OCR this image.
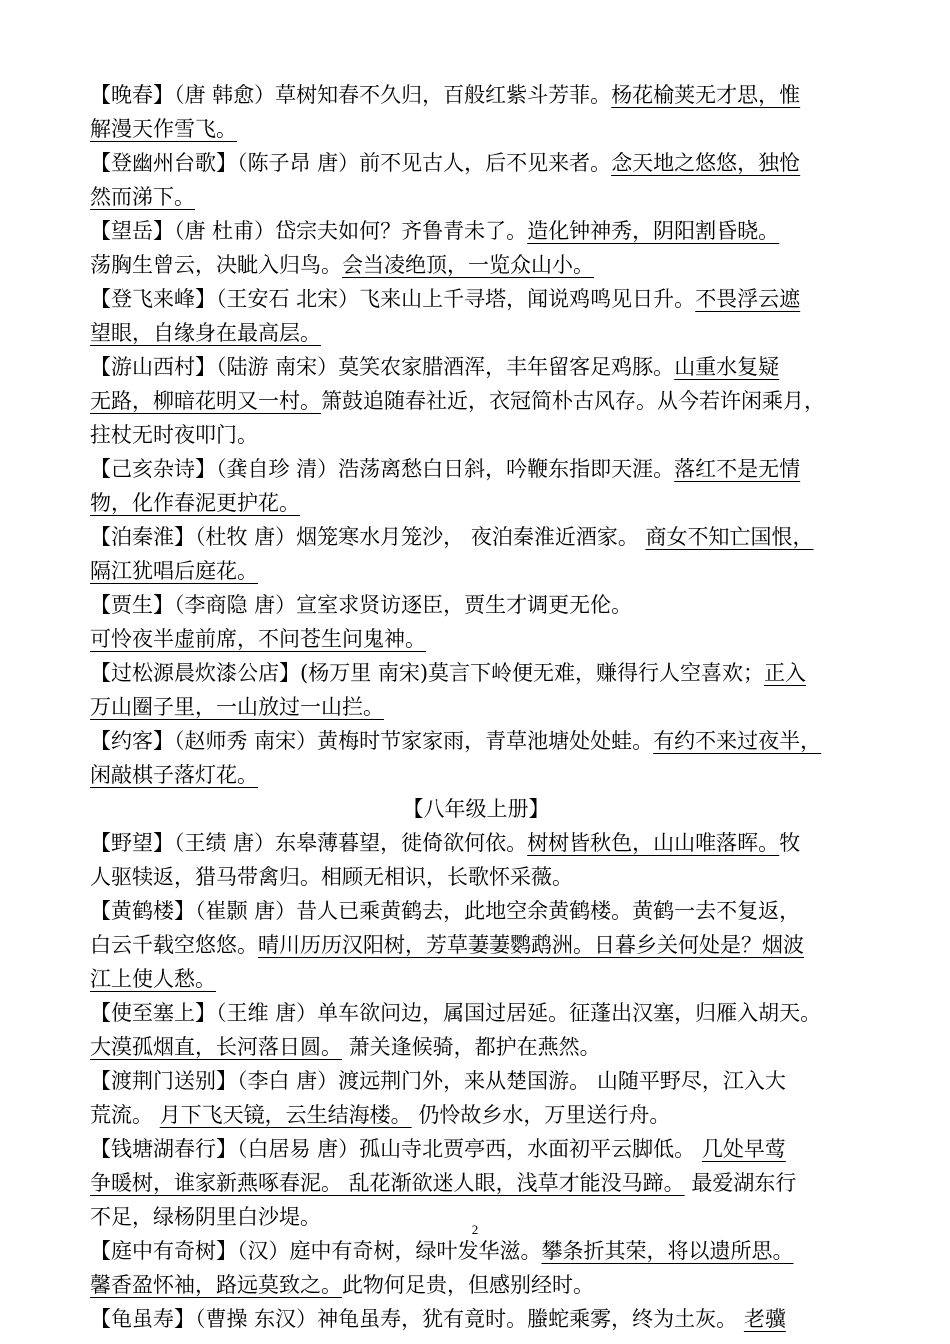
【晚春】（唐 韩愈）草树知春不久归，百般红紫斗芳菲。杨花榆荚无才思，惟
解漫天作雪飞。
【登幽州台歌】（陈子昂 唐）前不见古人，后不见来者。念天地之悠悠，独怆
然而涕下。
【望岳】（唐 杜甫）岱宗夫如何？齐鲁青未了。造化钟神秀，阴阳割昏晓。
荡胸生曾云，决眦入归鸟。会当凌绝顶，一览众山小。
【登飞来峰】（王安石 北宋）飞来山上千寻塔，闻说鸡鸣见日升。不畏浮云遮
望眼，自缘身在最高层。
【游山西村】（陆游 南宋）莫笑农家腊酒浑，丰年留客足鸡豚。山重水复疑
无路，柳暗花明又一村。箫鼓追随春社近，衣冠简朴古风存。从今若许闲乘月，
拄杖无时夜叩门。
【己亥杂诗】（龚自珍 清）浩荡离愁白日斜，吟鞭东指即天涯。落红不是无情
物，化作春泥更护花。
【泊秦淮】（杜牧 唐）烟笼寒水月笼沙， 夜泊秦淮近酒家。 商女不知亡国恨，
隔江犹唱后庭花。
【贾生】（李商隐 唐）宣室求贤访逐臣，贾生才调更无伦。
可怜夜半虚前席，不问苍生问鬼神。
【过松源晨炊漆公店】(杨万里 南宋)莫言下岭便无难，赚得行人空喜欢；正入
万山圈子里，一山放过一山拦。
【约客】（赵师秀 南宋）黄梅时节家家雨，青草池塘处处蛙。有约不来过夜半，
闲敲棋子落灯花。
【八年级上册】
【野望】（王绩 唐）东皋薄暮望，徙倚欲何依。树树皆秋色，山山唯落晖。牧
人驱犊返，猎马带禽归。相顾无相识，长歌怀采薇。
【黄鹤楼】（崔颢 唐）昔人已乘黄鹤去，此地空余黄鹤楼。黄鹤一去不复返，
白云千载空悠悠。晴川历历汉阳树，芳草萋萋鹦鹉洲。日暮乡关何处是？烟波
江上使人愁。
【使至塞上】（王维 唐）单车欲问边，属国过居延。征蓬出汉塞，归雁入胡天。
大漠孤烟直，长河落日圆。 萧关逢候骑，都护在燕然。
【渡荆门送别】（李白 唐）渡远荆门外，来从楚国游。 山随平野尽，江入大
荒流。 月下飞天镜，云生结海楼。 仍怜故乡水，万里送行舟。
【钱塘湖春行】（白居易 唐）孤山寺北贾亭西，水面初平云脚低。 几处早莺
争暖树，谁家新燕啄春泥。 乱花渐欲迷人眼，浅草才能没马蹄。 最爱湖东行
不足，绿杨阴里白沙堤。
【庭中有奇树】（汉）庭中有奇树，绿叶发华滋。攀条折其荣，将以遗所思。
馨香盈怀袖，路远莫致之。此物何足贵，但感别经时。
【龟虽寿】（曹操 东汉）神龟虽寿，犹有竟时。螣蛇乘雾，终为土灰。 老骥
2
